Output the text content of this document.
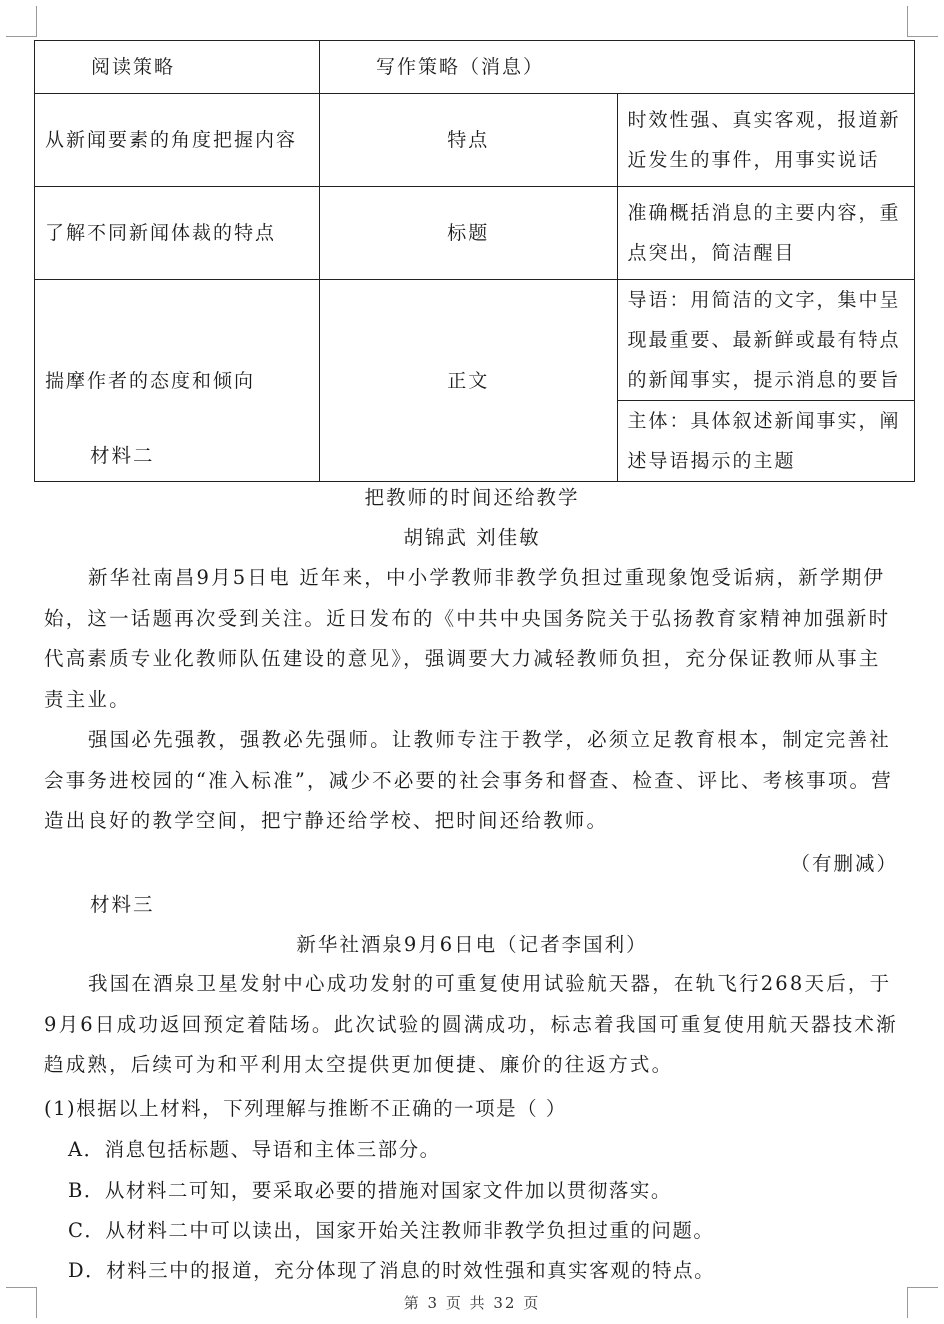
阅读策略	写作策略（消息）	
从新闻要素的角度把握内容	特点	时效性强、真实客观，报道新近发生的事件，用事实说话
了解不同新闻体裁的特点	标题	准确概括消息的主要内容，重点突出，简洁醒目
揣摩作者的态度和倾向	正文	导语：用简洁的文字，集中呈现最重要、最新鲜或最有特点的新闻事实，提示消息的要旨
		主体：具体叙述新闻事实，阐述导语揭示的主题
材料二
把教师的时间还给教学
胡锦武 刘佳敏
新华社南昌9月5日电 近年来，中小学教师非教学负担过重现象饱受诟病，新学期伊始，这一话题再次受到关注。近日发布的《中共中央国务院关于弘扬教育家精神加强新时代高素质专业化教师队伍建设的意见》，强调要大力减轻教师负担，充分保证教师从事主责主业。
强国必先强教，强教必先强师。让教师专注于教学，必须立足教育根本，制定完善社会事务进校园的“准入标准”，减少不必要的社会事务和督查、检查、评比、考核事项。营造出良好的教学空间，把宁静还给学校、把时间还给教师。
（有删减）
材料三
新华社酒泉9月6日电（记者李国利）
我国在酒泉卫星发射中心成功发射的可重复使用试验航天器，在轨飞行268天后，于9月6日成功返回预定着陆场。此次试验的圆满成功，标志着我国可重复使用航天器技术渐趋成熟，后续可为和平利用太空提供更加便捷、廉价的往返方式。
(1)根据以上材料，下列理解与推断不正确的一项是（ ）
A．消息包括标题、导语和主体三部分。
B．从材料二可知，要采取必要的措施对国家文件加以贯彻落实。
C．从材料二中可以读出，国家开始关注教师非教学负担过重的问题。
D．材料三中的报道，充分体现了消息的时效性强和真实客观的特点。
第 3 页 共 32 页
